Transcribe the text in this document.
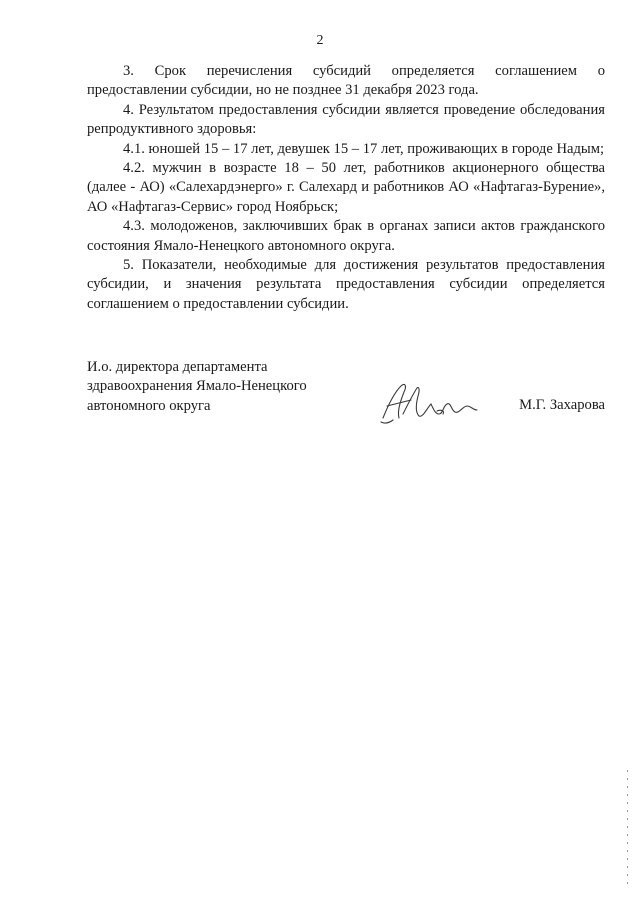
2

3. Срок перечисления субсидий определяется соглашением о предоставлении субсидии, но не позднее 31 декабря 2023 года.

4. Результатом предоставления субсидии является проведение обследования репродуктивного здоровья:

4.1. юношей 15 – 17 лет, девушек 15 – 17 лет, проживающих в городе Надым;

4.2. мужчин в возрасте 18 – 50 лет, работников акционерного общества (далее - АО) «Салехардэнерго» г. Салехард и работников АО «Нафтагаз-Бурение», АО «Нафтагаз-Сервис» город Ноябрьск;

4.3. молодоженов, заключивших брак в органах записи актов гражданского состояния Ямало-Ненецкого автономного округа.

5. Показатели, необходимые для достижения результатов предоставления субсидии, и значения результата предоставления субсидии определяется соглашением о предоставлении субсидии.

И.о. директора департамента
здравоохранения Ямало-Ненецкого
автономного округа	М.Г. Захарова
